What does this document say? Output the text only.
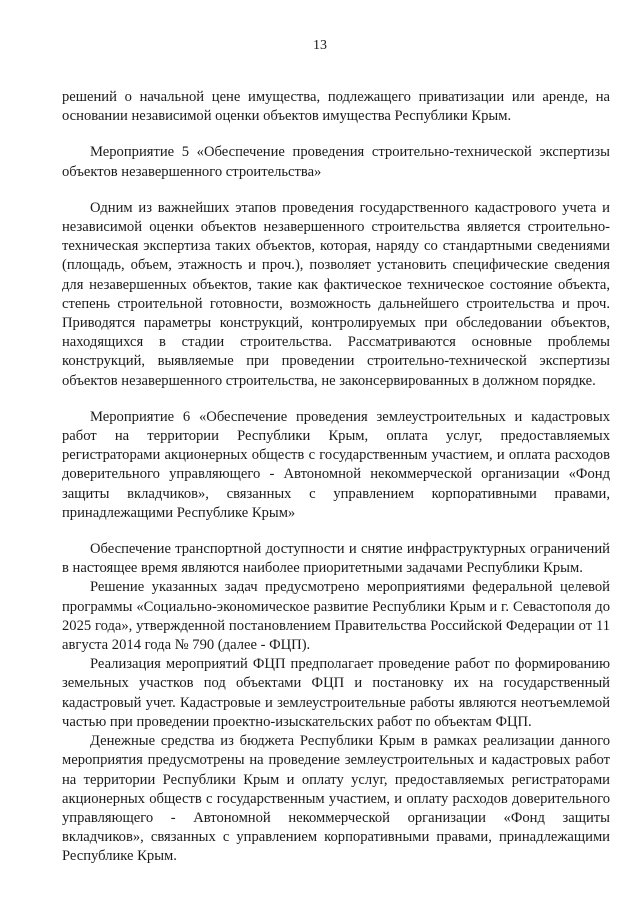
13

решений о начальной цене имущества, подлежащего приватизации или аренде, на основании независимой оценки объектов имущества Республики Крым.

Мероприятие 5 «Обеспечение проведения строительно-технической экспертизы объектов незавершенного строительства»

Одним из важнейших этапов проведения государственного кадастрового учета и независимой оценки объектов незавершенного строительства является строительно-техническая экспертиза таких объектов, которая, наряду со стандартными сведениями (площадь, объем, этажность и проч.), позволяет установить специфические сведения для незавершенных объектов, такие как фактическое техническое состояние объекта, степень строительной готовности, возможность дальнейшего строительства и проч. Приводятся параметры конструкций, контролируемых при обследовании объектов, находящихся в стадии строительства. Рассматриваются основные проблемы конструкций, выявляемые при проведении строительно-технической экспертизы объектов незавершенного строительства, не законсервированных в должном порядке.

Мероприятие 6 «Обеспечение проведения землеустроительных и кадастровых работ на территории Республики Крым, оплата услуг, предоставляемых регистраторами акционерных обществ с государственным участием, и оплата расходов доверительного управляющего - Автономной некоммерческой организации «Фонд защиты вкладчиков», связанных с управлением корпоративными правами, принадлежащими Республике Крым»

Обеспечение транспортной доступности и снятие инфраструктурных ограничений в настоящее время являются наиболее приоритетными задачами Республики Крым.

Решение указанных задач предусмотрено мероприятиями федеральной целевой программы «Социально-экономическое развитие Республики Крым и г. Севастополя до 2025 года», утвержденной постановлением Правительства Российской Федерации от 11 августа 2014 года № 790 (далее - ФЦП).

Реализация мероприятий ФЦП предполагает проведение работ по формированию земельных участков под объектами ФЦП и постановку их на государственный кадастровый учет. Кадастровые и землеустроительные работы являются неотъемлемой частью при проведении проектно-изыскательских работ по объектам ФЦП.

Денежные средства из бюджета Республики Крым в рамках реализации данного мероприятия предусмотрены на проведение землеустроительных и кадастровых работ на территории Республики Крым и оплату услуг, предоставляемых регистраторами акционерных обществ с государственным участием, и оплату расходов доверительного управляющего - Автономной некоммерческой организации «Фонд защиты вкладчиков», связанных с управлением корпоративными правами, принадлежащими Республике Крым.
